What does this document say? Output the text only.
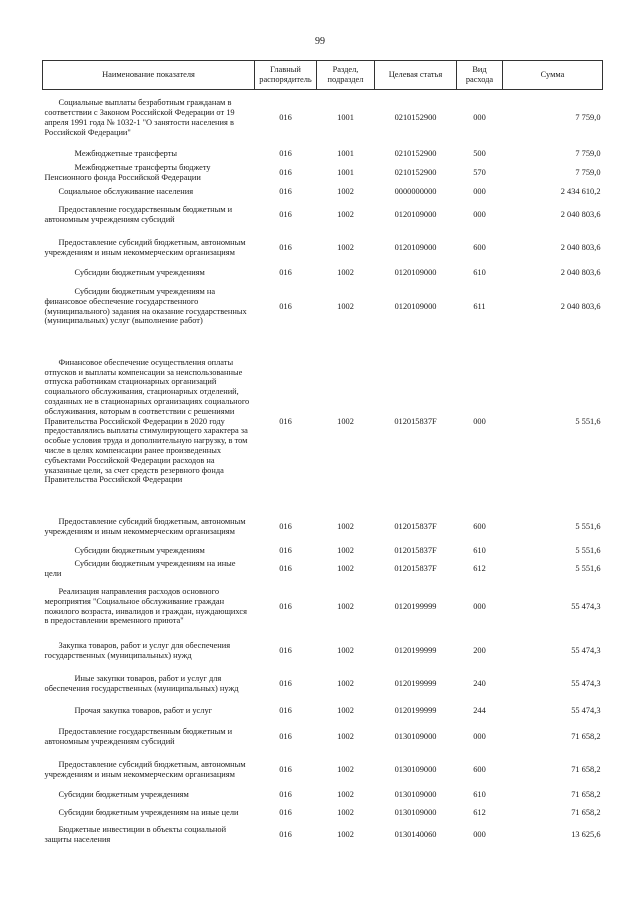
99
Наименование показателя	Главный распорядитель	Раздел, подраздел	Целевая статья	Вид расхода	Сумма
Социальные выплаты безработным гражданам в соответствии с Законом Российской Федерации от 19 апреля 1991 года № 1032-1 "О занятости населения в Российской Федерации"	016	1001	0210152900	000	7 759,0
Межбюджетные трансферты	016	1001	0210152900	500	7 759,0
Межбюджетные трансферты бюджету Пенсионного фонда Российской Федерации	016	1001	0210152900	570	7 759,0
Социальное обслуживание населения	016	1002	0000000000	000	2 434 610,2
Предоставление государственным бюджетным и автономным учреждениям субсидий	016	1002	0120109000	000	2 040 803,6
Предоставление субсидий бюджетным, автономным учреждениям и иным некоммерческим организациям	016	1002	0120109000	600	2 040 803,6
Субсидии бюджетным учреждениям	016	1002	0120109000	610	2 040 803,6
Субсидии бюджетным учреждениям на финансовое обеспечение государственного (муниципального) задания на оказание государственных (муниципальных) услуг (выполнение работ)	016	1002	0120109000	611	2 040 803,6
Финансовое обеспечение осуществления оплаты отпусков и выплаты компенсации за неиспользованные отпуска работникам стационарных организаций социального обслуживания, стационарных отделений, созданных не в стационарных организациях социального обслуживания, которым в соответствии с решениями Правительства Российской Федерации в 2020 году предоставлялись выплаты стимулирующего характера за особые условия труда и дополнительную нагрузку, в том числе в целях компенсации ранее произведенных субъектами Российской Федерации расходов на указанные цели, за счет средств резервного фонда Правительства Российской Федерации	016	1002	012015837F	000	5 551,6
Предоставление субсидий бюджетным, автономным учреждениям и иным некоммерческим организациям	016	1002	012015837F	600	5 551,6
Субсидии бюджетным учреждениям	016	1002	012015837F	610	5 551,6
Субсидии бюджетным учреждениям на иные цели	016	1002	012015837F	612	5 551,6
Реализация направления расходов основного мероприятия "Социальное обслуживание граждан пожилого возраста, инвалидов и граждан, нуждающихся в предоставлении временного приюта"	016	1002	0120199999	000	55 474,3
Закупка товаров, работ и услуг для обеспечения государственных (муниципальных) нужд	016	1002	0120199999	200	55 474,3
Иные закупки товаров, работ и услуг для обеспечения государственных (муниципальных) нужд	016	1002	0120199999	240	55 474,3
Прочая закупка товаров, работ и услуг	016	1002	0120199999	244	55 474,3
Предоставление государственным бюджетным и автономным учреждениям субсидий	016	1002	0130109000	000	71 658,2
Предоставление субсидий бюджетным, автономным учреждениям и иным некоммерческим организациям	016	1002	0130109000	600	71 658,2
Субсидии бюджетным учреждениям	016	1002	0130109000	610	71 658,2
Субсидии бюджетным учреждениям на иные цели	016	1002	0130109000	612	71 658,2
Бюджетные инвестиции в объекты социальной защиты населения	016	1002	0130140060	000	13 625,6
